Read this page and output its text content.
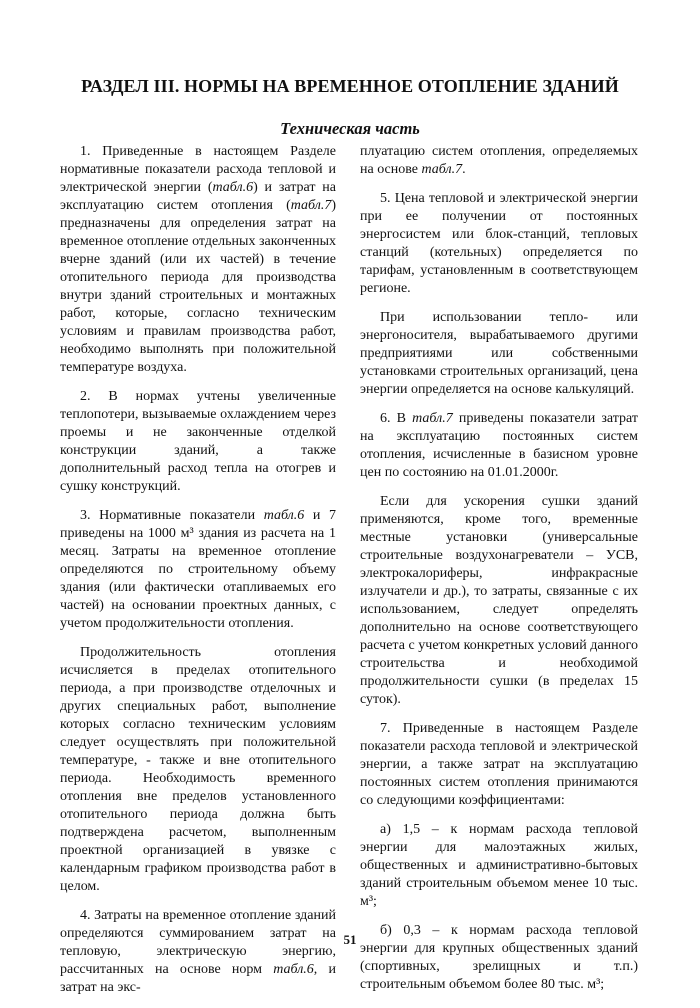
РАЗДЕЛ III. НОРМЫ НА ВРЕМЕННОЕ ОТОПЛЕНИЕ ЗДАНИЙ
Техническая часть

1. Приведенные в настоящем Разделе нормативные показатели расхода тепловой и электрической энергии (табл.6) и затрат на эксплуатацию систем отопления (табл.7) предназначены для определения затрат на временное отопление отдельных законченных вчерне зданий (или их частей) в течение отопительного периода для производства внутри зданий строительных и монтажных работ, которые, согласно техническим условиям и правилам производства работ, необходимо выполнять при положительной температуре воздуха.

2. В нормах учтены увеличенные теплопотери, вызываемые охлаждением через проемы и не законченные отделкой конструкции зданий, а также дополнительный расход тепла на отогрев и сушку конструкций.

3. Нормативные показатели табл.6 и 7 приведены на 1000 м³ здания из расчета на 1 месяц. Затраты на временное отопление определяются по строительному объему здания (или фактически отапливаемых его частей) на основании проектных данных, с учетом продолжительности отопления.

Продолжительность отопления исчисляется в пределах отопительного периода, а при производстве отделочных и других специальных работ, выполнение которых согласно техническим условиям следует осуществлять при положительной температуре, - также и вне отопительного периода. Необходимость временного отопления вне пределов установленного отопительного периода должна быть подтверждена расчетом, выполненным проектной организацией в увязке с календарным графиком производства работ в целом.

4. Затраты на временное отопление зданий определяются суммированием затрат на тепловую, электрическую энергию, рассчитанных на основе норм табл.6, и затрат на экс-

плуатацию систем отопления, определяемых на основе табл.7.

5. Цена тепловой и электрической энергии при ее получении от постоянных энергосистем или блок-станций, тепловых станций (котельных) определяется по тарифам, установленным в соответствующем регионе.

При использовании тепло- или энергоносителя, вырабатываемого другими предприятиями или собственными установками строительных организаций, цена энергии определяется на основе калькуляций.

6. В табл.7 приведены показатели затрат на эксплуатацию постоянных систем отопления, исчисленные в базисном уровне цен по состоянию на 01.01.2000г.

Если для ускорения сушки зданий применяются, кроме того, временные местные установки (универсальные строительные воздухонагреватели – УСВ, электрокалориферы, инфракрасные излучатели и др.), то затраты, связанные с их использованием, следует определять дополнительно на основе соответствующего расчета с учетом конкретных условий данного строительства и необходимой продолжительности сушки (в пределах 15 суток).

7. Приведенные в настоящем Разделе показатели расхода тепловой и электрической энергии, а также затрат на эксплуатацию постоянных систем отопления принимаются со следующими коэффициентами:

а) 1,5 – к нормам расхода тепловой энергии для малоэтажных жилых, общественных и административно-бытовых зданий строительным объемом менее 10 тыс. м³;

б) 0,3 – к нормам расхода тепловой энергии для крупных общественных зданий (спортивных, зрелищных и т.п.) строительным объемом более 80 тыс. м³;

51
